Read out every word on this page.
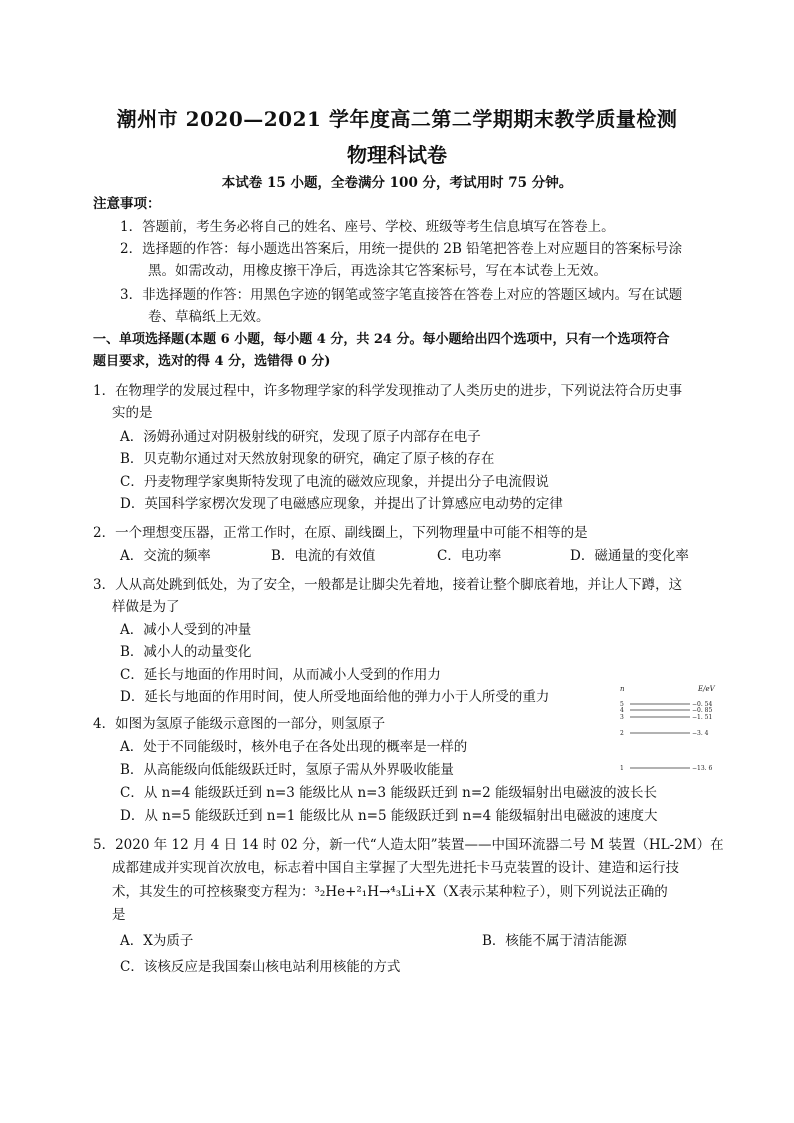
潮州市 2020—2021 学年度高二第二学期期末教学质量检测
物理科试卷
本试卷 15 小题，全卷满分 100 分，考试用时 75 分钟。
注意事项：
1．答题前，考生务必将自己的姓名、座号、学校、班级等考生信息填写在答卷上。
2．选择题的作答：每小题选出答案后，用统一提供的 2B 铅笔把答卷上对应题目的答案标号涂
黑。如需改动，用橡皮擦干净后，再选涂其它答案标号，写在本试卷上无效。
3．非选择题的作答：用黑色字迹的钢笔或签字笔直接答在答卷上对应的答题区域内。写在试题
卷、草稿纸上无效。
一、单项选择题(本题 6 小题，每小题 4 分，共 24 分。每小题给出四个选项中，只有一个选项符合
题目要求，选对的得 4 分，选错得 0 分)
1．在物理学的发展过程中，许多物理学家的科学发现推动了人类历史的进步，下列说法符合历史事
实的是
A．汤姆孙通过对阴极射线的研究，发现了原子内部存在电子
B．贝克勒尔通过对天然放射现象的研究，确定了原子核的存在
C．丹麦物理学家奥斯特发现了电流的磁效应现象，并提出分子电流假说
D．英国科学家楞次发现了电磁感应现象，并提出了计算感应电动势的定律
2．一个理想变压器，正常工作时，在原、副线圈上，下列物理量中可能不相等的是
A．交流的频率	B．电流的有效值	C．电功率	D．磁通量的变化率
3．人从高处跳到低处，为了安全，一般都是让脚尖先着地，接着让整个脚底着地，并让人下蹲，这
样做是为了
A．减小人受到的冲量
B．减小人的动量变化
C．延长与地面的作用时间，从而减小人受到的作用力
D．延长与地面的作用时间，使人所受地面给他的弹力小于人所受的重力	n	E/eV
5	−0. 54
4	−0. 85
3	−1. 51
2	−3. 4
1	−13. 6
4．如图为氢原子能级示意图的一部分，则氢原子
A．处于不同能级时，核外电子在各处出现的概率是一样的
B．从高能级向低能级跃迁时，氢原子需从外界吸收能量
C．从 n=4 能级跃迁到 n=3 能级比从 n=3 能级跃迁到 n=2 能级辐射出电磁波的波长长
D．从 n=5 能级跃迁到 n=1 能级比从 n=5 能级跃迁到 n=4 能级辐射出电磁波的速度大
5．2020 年 12 月 4 日 14 时 02 分，新一代“人造太阳”装置——中国环流器二号 M 装置（HL-2M）在
成都建成并实现首次放电，标志着中国自主掌握了大型先进托卡马克装置的设计、建造和运行技
术，其发生的可控核聚变方程为：³₂He+²₁H→⁴₃Li+X（X表示某种粒子），则下列说法正确的
是
A．X为质子	B．核能不属于清洁能源
C．该核反应是我国秦山核电站利用核能的方式
